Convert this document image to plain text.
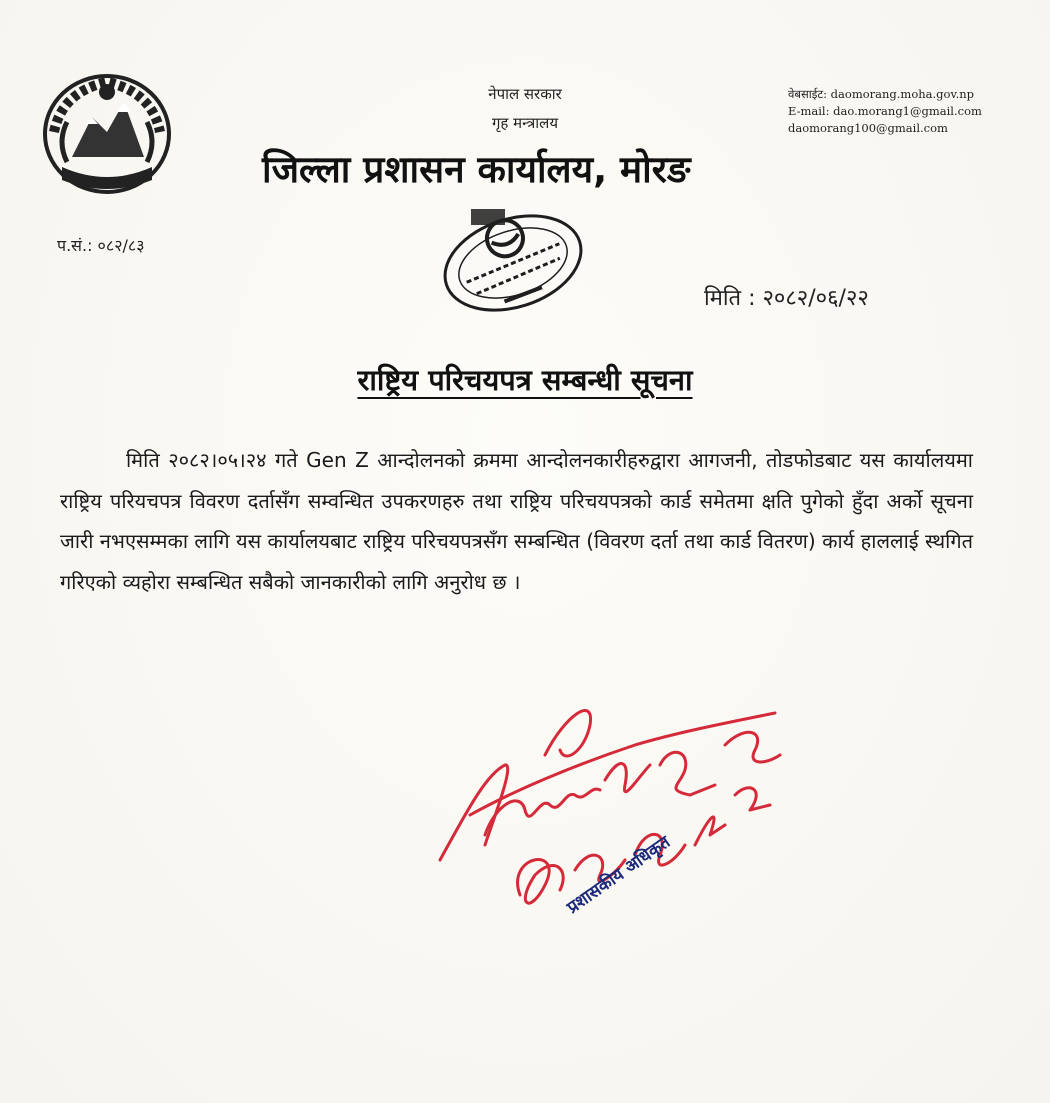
नेपाल सरकार
गृह मन्त्रालय
जिल्ला प्रशासन कार्यालय, मोरङ
वेबसाईट: daomorang.moha.gov.np
E-mail: dao.morang1@gmail.com
daomorang100@gmail.com
प.सं.: ०८२/८३
मिति : २०८२/०६/२२
राष्ट्रिय परिचयपत्र सम्बन्धी सूचना

मिति २०८२।०५।२४ गते Gen Z आन्दोलनको क्रममा आन्दोलनकारीहरुद्वारा आगजनी, तोडफोडबाट यस कार्यालयमा राष्ट्रिय परियचपत्र विवरण दर्तासँग सम्वन्धित उपकरणहरु तथा राष्ट्रिय परिचयपत्रको कार्ड समेतमा क्षति पुगेको हुँदा अर्को सूचना जारी नभएसम्मका लागि यस कार्यालयबाट राष्ट्रिय परिचयपत्रसँग सम्बन्धित (विवरण दर्ता तथा कार्ड वितरण) कार्य हाललाई स्थगित गरिएको व्यहोरा सम्बन्धित सबैको जानकारीको लागि अनुरोध छ ।

प्रशासकीय अधिकृत
